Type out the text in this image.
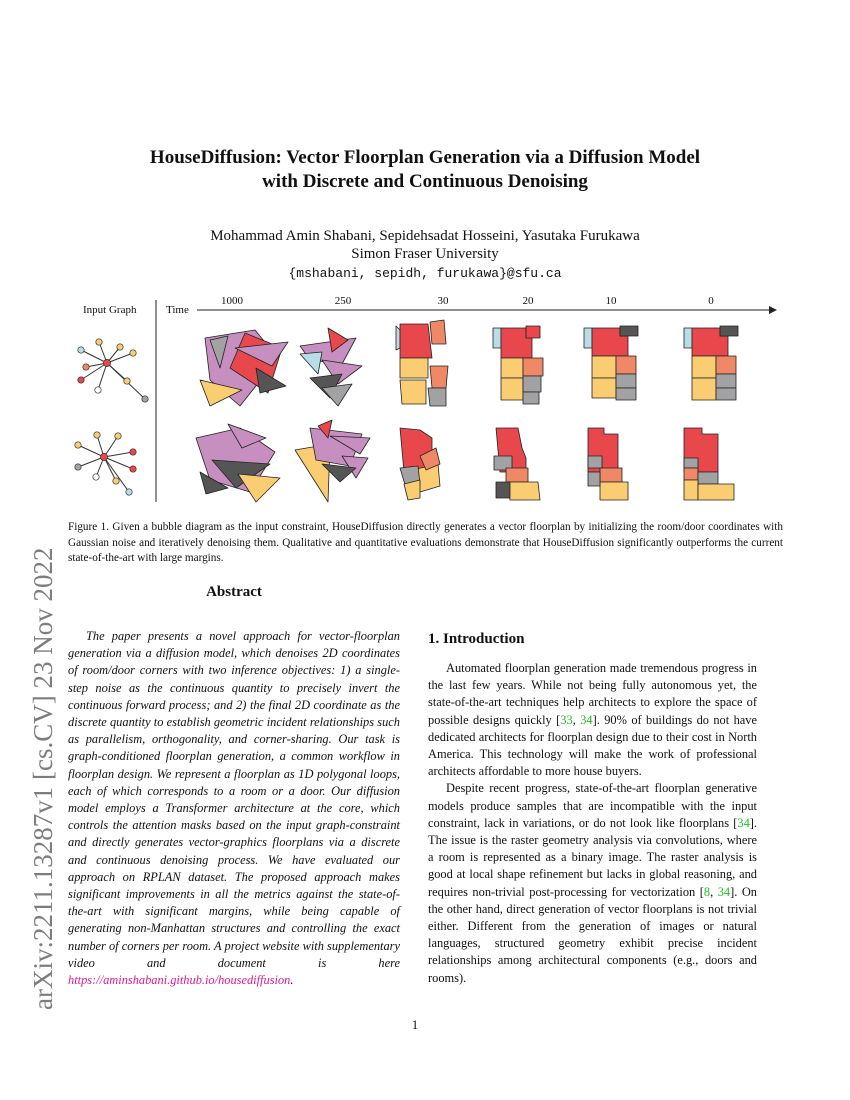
arXiv:2211.13287v1 [cs.CV] 23 Nov 2022
HouseDiffusion: Vector Floorplan Generation via a Diffusion Model
with Discrete and Continuous Denoising
Mohammad Amin Shabani, Sepidehsadat Hosseini, Yasutaka Furukawa
Simon Fraser University
{mshabani, sepidh, furukawa}@sfu.ca
Input Graph	Time
1000	250	30	20	10	0
Figure 1. Given a bubble diagram as the input constraint, HouseDiffusion directly generates a vector floorplan by initializing the room/door coordinates with Gaussian noise and iteratively denoising them. Qualitative and quantitative evaluations demonstrate that HouseDiffusion significantly outperforms the current state-of-the-art with large margins.
Abstract
The paper presents a novel approach for vector-floorplan generation via a diffusion model, which denoises 2D coordinates of room/door corners with two inference objectives: 1) a single-step noise as the continuous quantity to precisely invert the continuous forward process; and 2) the final 2D coordinate as the discrete quantity to establish geometric incident relationships such as parallelism, orthogonality, and corner-sharing. Our task is graph-conditioned floorplan generation, a common workflow in floorplan design. We represent a floorplan as 1D polygonal loops, each of which corresponds to a room or a door. Our diffusion model employs a Transformer architecture at the core, which controls the attention masks based on the input graph-constraint and directly generates vector-graphics floorplans via a discrete and continuous denoising process. We have evaluated our approach on RPLAN dataset. The proposed approach makes significant improvements in all the metrics against the state-of-the-art with significant margins, while being capable of generating non-Manhattan structures and controlling the exact number of corners per room. A project website with supplementary video and document is here https://aminshabani.github.io/housediffusion.
1. Introduction

Automated floorplan generation made tremendous progress in the last few years. While not being fully autonomous yet, the state-of-the-art techniques help architects to explore the space of possible designs quickly [33, 34]. 90% of buildings do not have dedicated architects for floorplan design due to their cost in North America. This technology will make the work of professional architects affordable to more house buyers.

Despite recent progress, state-of-the-art floorplan generative models produce samples that are incompatible with the input constraint, lack in variations, or do not look like floorplans [34]. The issue is the raster geometry analysis via convolutions, where a room is represented as a binary image. The raster analysis is good at local shape refinement but lacks in global reasoning, and requires non-trivial post-processing for vectorization [8, 34]. On the other hand, direct generation of vector floorplans is not trivial either. Different from the generation of images or natural languages, structured geometry exhibit precise incident relationships among architectural components (e.g., doors and rooms).

1
